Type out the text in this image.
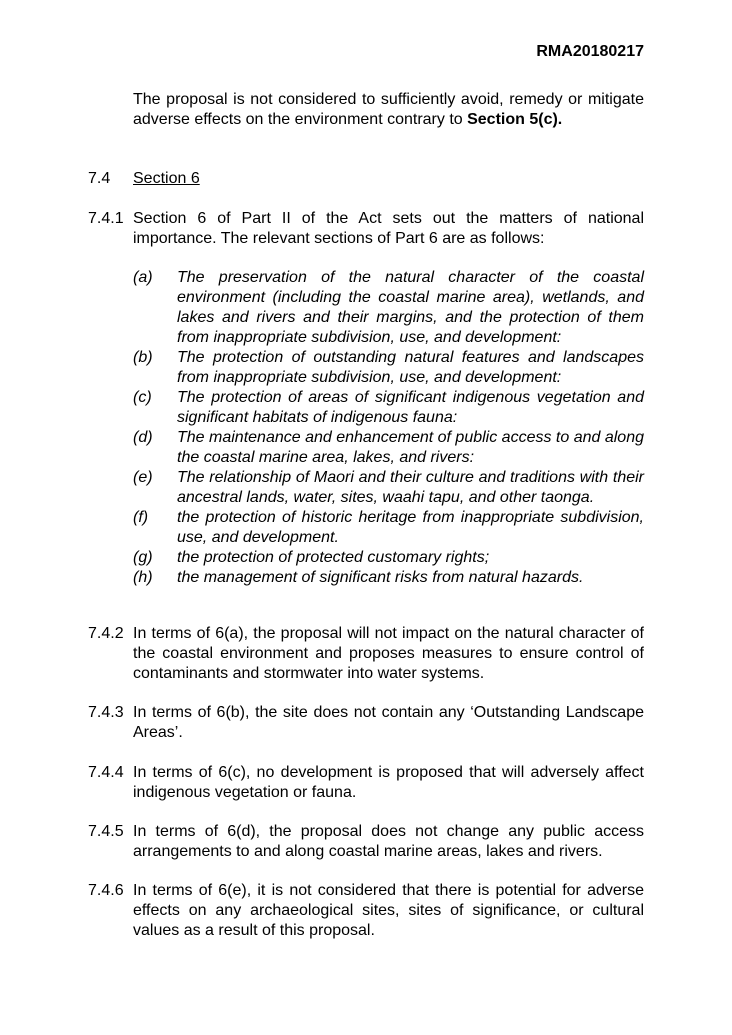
RMA20180217
The proposal is not considered to sufficiently avoid, remedy or mitigate adverse effects on the environment contrary to Section 5(c).
7.4	Section 6
7.4.1 Section 6 of Part II of the Act sets out the matters of national importance. The relevant sections of Part 6 are as follows:
(a)	The preservation of the natural character of the coastal environment (including the coastal marine area), wetlands, and lakes and rivers and their margins, and the protection of them from inappropriate subdivision, use, and development:
(b)	The protection of outstanding natural features and landscapes from inappropriate subdivision, use, and development:
(c)	The protection of areas of significant indigenous vegetation and significant habitats of indigenous fauna:
(d)	The maintenance and enhancement of public access to and along the coastal marine area, lakes, and rivers:
(e)	The relationship of Maori and their culture and traditions with their ancestral lands, water, sites, waahi tapu, and other taonga.
(f)	the protection of historic heritage from inappropriate subdivision, use, and development.
(g)	the protection of protected customary rights;
(h)	the management of significant risks from natural hazards.
7.4.2 In terms of 6(a), the proposal will not impact on the natural character of the coastal environment and proposes measures to ensure control of contaminants and stormwater into water systems.
7.4.3 In terms of 6(b), the site does not contain any ‘Outstanding Landscape Areas’.
7.4.4 In terms of 6(c), no development is proposed that will adversely affect indigenous vegetation or fauna.
7.4.5 In terms of 6(d), the proposal does not change any public access arrangements to and along coastal marine areas, lakes and rivers.
7.4.6 In terms of 6(e), it is not considered that there is potential for adverse effects on any archaeological sites, sites of significance, or cultural values as a result of this proposal.
